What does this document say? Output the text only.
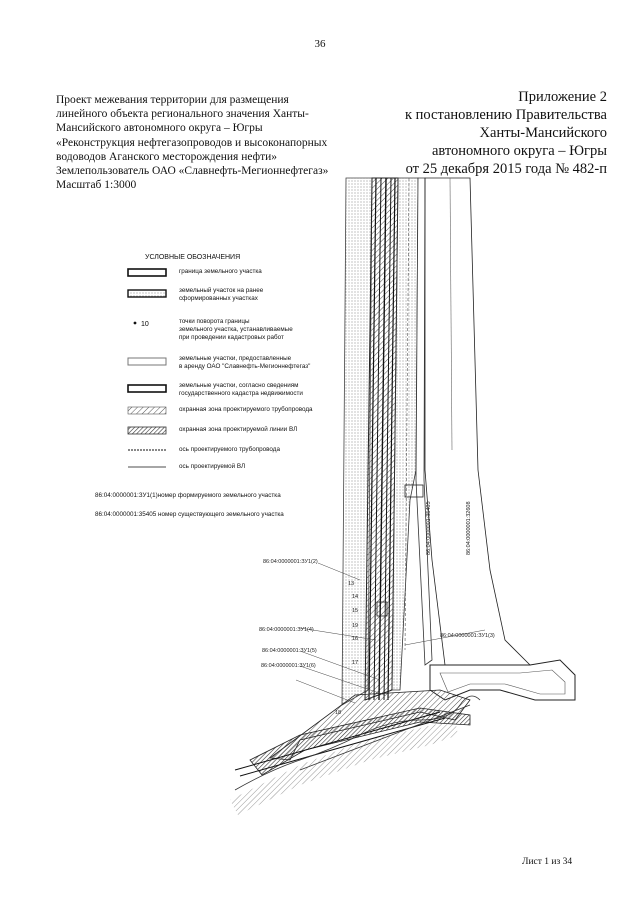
36
Проект межевания территории для размещения
линейного объекта регионального значения Ханты-
Мансийского автономного округа – Югры
«Реконструкция нефтегазопроводов и высоконапорных
водоводов Аганского месторождения нефти»
Землепользователь ОАО «Славнефть-Мегионнефтегаз»
Масштаб 1:3000
Приложение 2
к постановлению Правительства
Ханты-Мансийского
автономного округа – Югры
от 25 декабря 2015 года № 482-п
86:04:0000001:ЗУ1(2)
86:04:0000001:ЗУ1(3)
86:04:0000001:ЗУ1(4)
86:04:0000001:ЗУ1(5)
86:04:0000001:ЗУ1(6)
86:04:0000001:35405	86:04:0000001:32608
13
14
15
16
17
18
19
УСЛОВНЫЕ ОБОЗНАЧЕНИЯ
граница земельного участка
земельный участок на ранее
сформированных участках
10	точки поворота границы
земельного участка, устанавливаемые
при проведении кадастровых работ
земельные участки, предоставленные
в аренду ОАО "Славнефть-Мегионнефтегаз"
земельные участки, согласно сведениям
государственного кадастра недвижимости
охранная зона проектируемого трубопровода
охранная зона проектируемой линии ВЛ
ось проектируемого трубопровода
ось проектируемой ВЛ
86:04:0000001:ЗУ1(1)номер формируемого земельного участка
86:04:0000001:35405 номер существующего земельного участка
Лист 1 из 34
